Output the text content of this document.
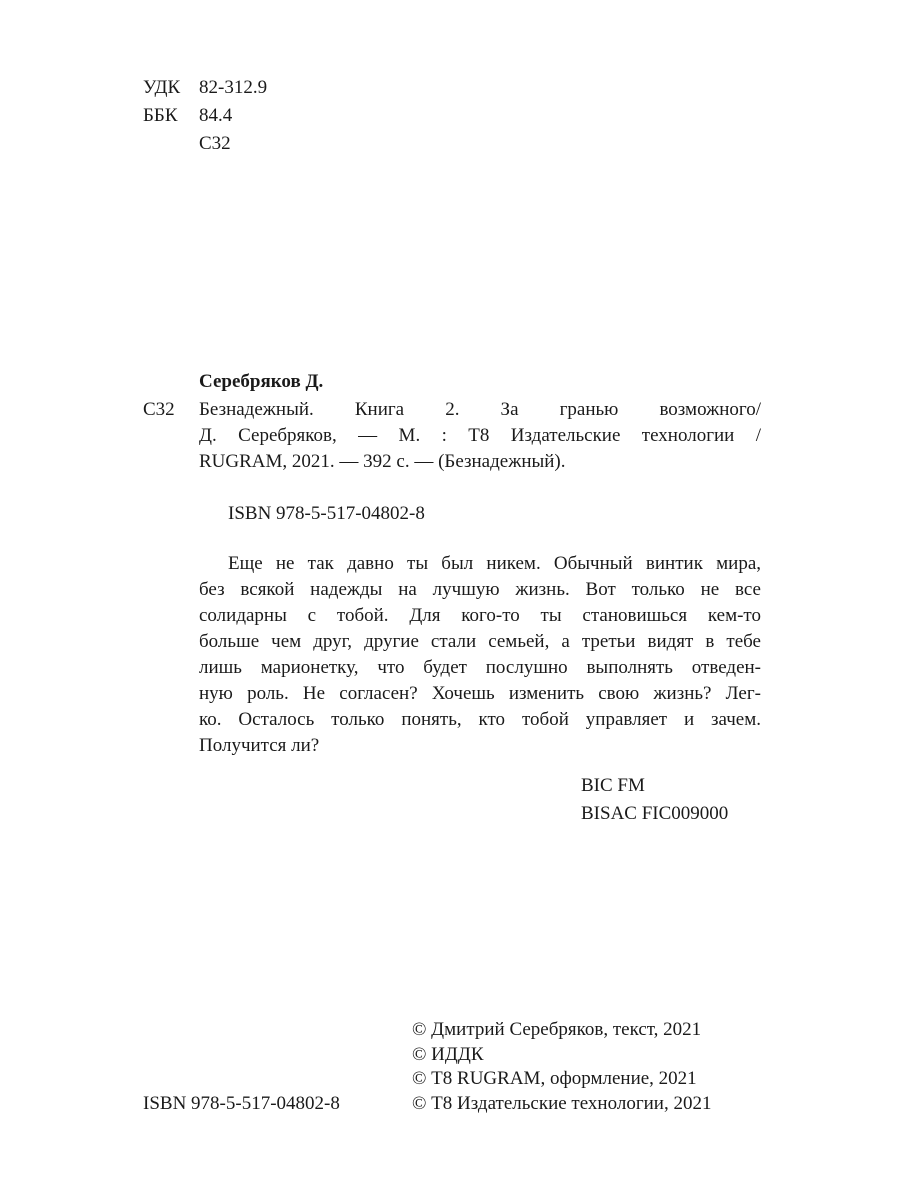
УДК 82-312.9
ББК 84.4
С32
Серебряков Д.
С32 Безнадежный. Книга 2. За гранью возможного/
Д. Серебряков, — М. : Т8 Издательские технологии /
RUGRAM, 2021. — 392 с. — (Безнадежный).
ISBN 978-5-517-04802-8
Еще не так давно ты был никем. Обычный винтик мира,
без всякой надежды на лучшую жизнь. Вот только не все
солидарны с тобой. Для кого-то ты становишься кем-то
больше чем друг, другие стали семьей, а третьи видят в тебе
лишь марионетку, что будет послушно выполнять отведен-
ную роль. Не согласен? Хочешь изменить свою жизнь? Лег-
ко. Осталось только понять, кто тобой управляет и зачем.
Получится ли?
BIC FM
BISAC FIC009000
© Дмитрий Серебряков, текст, 2021
© ИДДК
© Т8 RUGRAM, оформление, 2021
© Т8 Издательские технологии, 2021
ISBN 978-5-517-04802-8
